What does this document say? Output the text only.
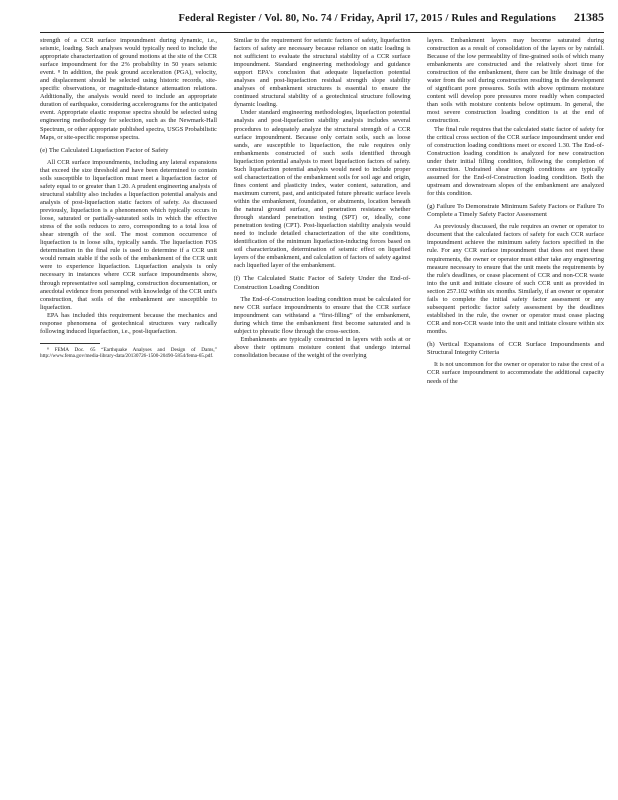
Federal Register / Vol. 80, No. 74 / Friday, April 17, 2015 / Rules and Regulations 21385

strength of a CCR surface impoundment during dynamic, i.e., seismic, loading. Such analyses would typically need to include the appropriate characterization of ground motions at the site of the CCR surface impoundment for the 2% probability in 50 years seismic event. ⁸ In addition, the peak ground acceleration (PGA), velocity, and displacement should be selected using historic records, site-specific observations, or magnitude-distance attenuation relations. Additionally, the analysis would need to include an appropriate duration of earthquake, considering accelerograms for the anticipated event. Appropriate elastic response spectra should be selected using engineering methodology for selection, such as the Newmark-Hall Spectrum, or other appropriate published spectra, USGS Probabilistic Maps, or site-specific response spectra.

(e) The Calculated Liquefaction Factor of Safety

All CCR surface impoundments, including any lateral expansions that exceed the size threshold and have been determined to contain soils susceptible to liquefaction must meet a liquefaction factor of safety equal to or greater than 1.20. A prudent engineering analysis of structural stability also includes a liquefaction potential analysis and analysis of post-liquefaction static factors of safety. As discussed previously, liquefaction is a phenomenon which typically occurs in loose, saturated or partially-saturated soils in which the effective stress of the soils reduces to zero, corresponding to a total loss of shear strength of the soil. The most common occurrence of liquefaction is in loose silts, typically sands. The liquefaction FOS determination in the final rule is used to determine if a CCR unit would remain stable if the soils of the embankment of the CCR unit were to experience liquefaction. Liquefaction analysis is only necessary in instances where CCR surface impoundments show, through representative soil sampling, construction documentation, or anecdotal evidence from personnel with knowledge of the CCR unit's construction, that soils of the embankment are susceptible to liquefaction.

EPA has included this requirement because the mechanics and response phenomena of geotechnical structures vary radically following induced liquefaction, i.e., post-liquefaction.

⁸ FEMA Doc. 65 “Earthquake Analyses and Design of Dams,” http://www.fema.gov/media-library-data/20130726-1500-20490-5854/fema-65.pdf.

Similar to the requirement for seismic factors of safety, liquefaction factors of safety are necessary because reliance on static loading is not sufficient to evaluate the structural stability of a CCR surface impoundment. Standard engineering methodology and guidance support EPA's conclusion that adequate liquefaction potential analyses and post-liquefaction residual strength slope stability analyses of embankment structures is essential to ensure the continued structural stability of a geotechnical structure following dynamic loading.

Under standard engineering methodologies, liquefaction potential analysis and post-liquefaction stability analysis includes several procedures to adequately analyze the structural strength of a CCR surface impoundment. Because only certain soils, such as loose sands, are susceptible to liquefaction, the rule requires only embankments constructed of such soils identified through liquefaction potential analysis to meet liquefaction factors of safety. Such liquefaction potential analysis would need to include proper soil characterization of the embankment soils for soil age and origin, fines content and plasticity index, water content, saturation, and maximum current, past, and anticipated future phreatic surface levels within the embankment, foundation, or abutments, location beneath the natural ground surface, and penetration resistance whether through standard penetration testing (SPT) or, ideally, cone penetration testing (CPT). Post-liquefaction stability analysis would need to include detailed characterization of the site conditions, identification of the minimum liquefaction-inducing forces based on soil characterization, determination of seismic effect on liquefied layers of the embankment, and calculation of factors of safety against each liquefied layer of the embankment.

(f) The Calculated Static Factor of Safety Under the End-of-Construction Loading Condition

The End-of-Construction loading condition must be calculated for new CCR surface impoundments to ensure that the CCR surface impoundment can withstand a “first-filling” of the embankment, during which time the embankment first become saturated and is subject to phreatic flow through the cross-section.

Embankments are typically constructed in layers with soils at or above their optimum moisture content that undergo internal consolidation because of the weight of the overlying

layers. Embankment layers may become saturated during construction as a result of consolidation of the layers or by rainfall. Because of the low permeability of fine-grained soils of which many embankments are constructed and the relatively short time for construction of the embankment, there can be little drainage of the water from the soil during construction resulting in the development of significant pore pressures. Soils with above optimum moisture content will develop pore pressures more readily when compacted than soils with moisture contents below optimum. In general, the most severe construction loading condition is at the end of construction.

The final rule requires that the calculated static factor of safety for the critical cross section of the CCR surface impoundment under end of construction loading conditions meet or exceed 1.30. The End-of-Construction loading condition is analyzed for new construction under their initial filling condition, following the completion of construction. Undrained shear strength conditions are typically assumed for the End-of-Construction loading condition. Both the upstream and downstream slopes of the embankment are analyzed for this condition.

(g) Failure To Demonstrate Minimum Safety Factors or Failure To Complete a Timely Safety Factor Assessment

As previously discussed, the rule requires an owner or operator to document that the calculated factors of safety for each CCR surface impoundment achieve the minimum safety factors specified in the rule. For any CCR surface impoundment that does not meet these requirements, the owner or operator must either take any engineering measure necessary to ensure that the unit meets the requirements by the rule's deadlines, or cease placement of CCR and non-CCR waste into the unit and initiate closure of such CCR unit as provided in section 257.102 within six months. Similarly, if an owner or operator fails to complete the initial safety factor assessment or any subsequent periodic factor safety assessment by the deadlines established in the rule, the owner or operator must cease placing CCR and non-CCR waste into the unit and initiate closure within six months.

(h) Vertical Expansions of CCR Surface Impoundments and Structural Integrity Criteria

It is not uncommon for the owner or operator to raise the crest of a CCR surface impoundment to accommodate the additional capacity needs of the
